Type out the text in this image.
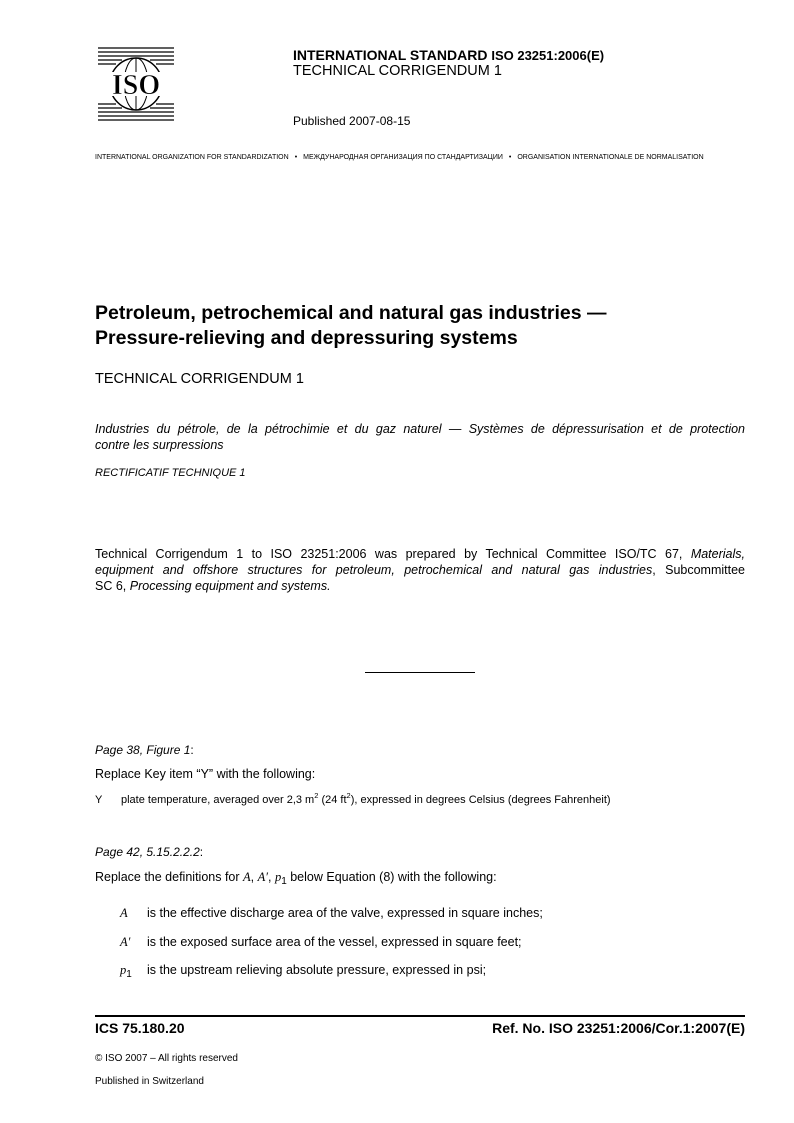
ISO
INTERNATIONAL STANDARD ISO 23251:2006(E)
TECHNICAL CORRIGENDUM 1
Published 2007-08-15
INTERNATIONAL ORGANIZATION FOR STANDARDIZATION • МЕЖДУНАРОДНАЯ ОРГАНИЗАЦИЯ ПО СТАНДАРТИЗАЦИИ • ORGANISATION INTERNATIONALE DE NORMALISATION
Petroleum, petrochemical and natural gas industries —
Pressure-relieving and depressuring systems
TECHNICAL CORRIGENDUM 1
Industries du pétrole, de la pétrochimie et du gaz naturel — Systèmes de dépressurisation et de protection
contre les surpressions
RECTIFICATIF TECHNIQUE 1
Technical Corrigendum 1 to ISO 23251:2006 was prepared by Technical Committee ISO/TC 67, Materials,
equipment and offshore structures for petroleum, petrochemical and natural gas industries, Subcommittee
SC 6, Processing equipment and systems.
Page 38, Figure 1:
Replace Key item “Y” with the following:
Y plate temperature, averaged over 2,3 $m^2$ (24 $ft^2$), expressed in degrees Celsius (degrees Fahrenheit)
Page 42, 5.15.2.2.2:
Replace the definitions for A, A′, $p_1$ below Equation (8) with the following:
A is the effective discharge area of the valve, expressed in square inches;
A′ is the exposed surface area of the vessel, expressed in square feet;
$p_1$ is the upstream relieving absolute pressure, expressed in psi;
ICS 75.180.20	Ref. No. ISO 23251:2006/Cor.1:2007(E)
© ISO 2007 – All rights reserved
Published in Switzerland
